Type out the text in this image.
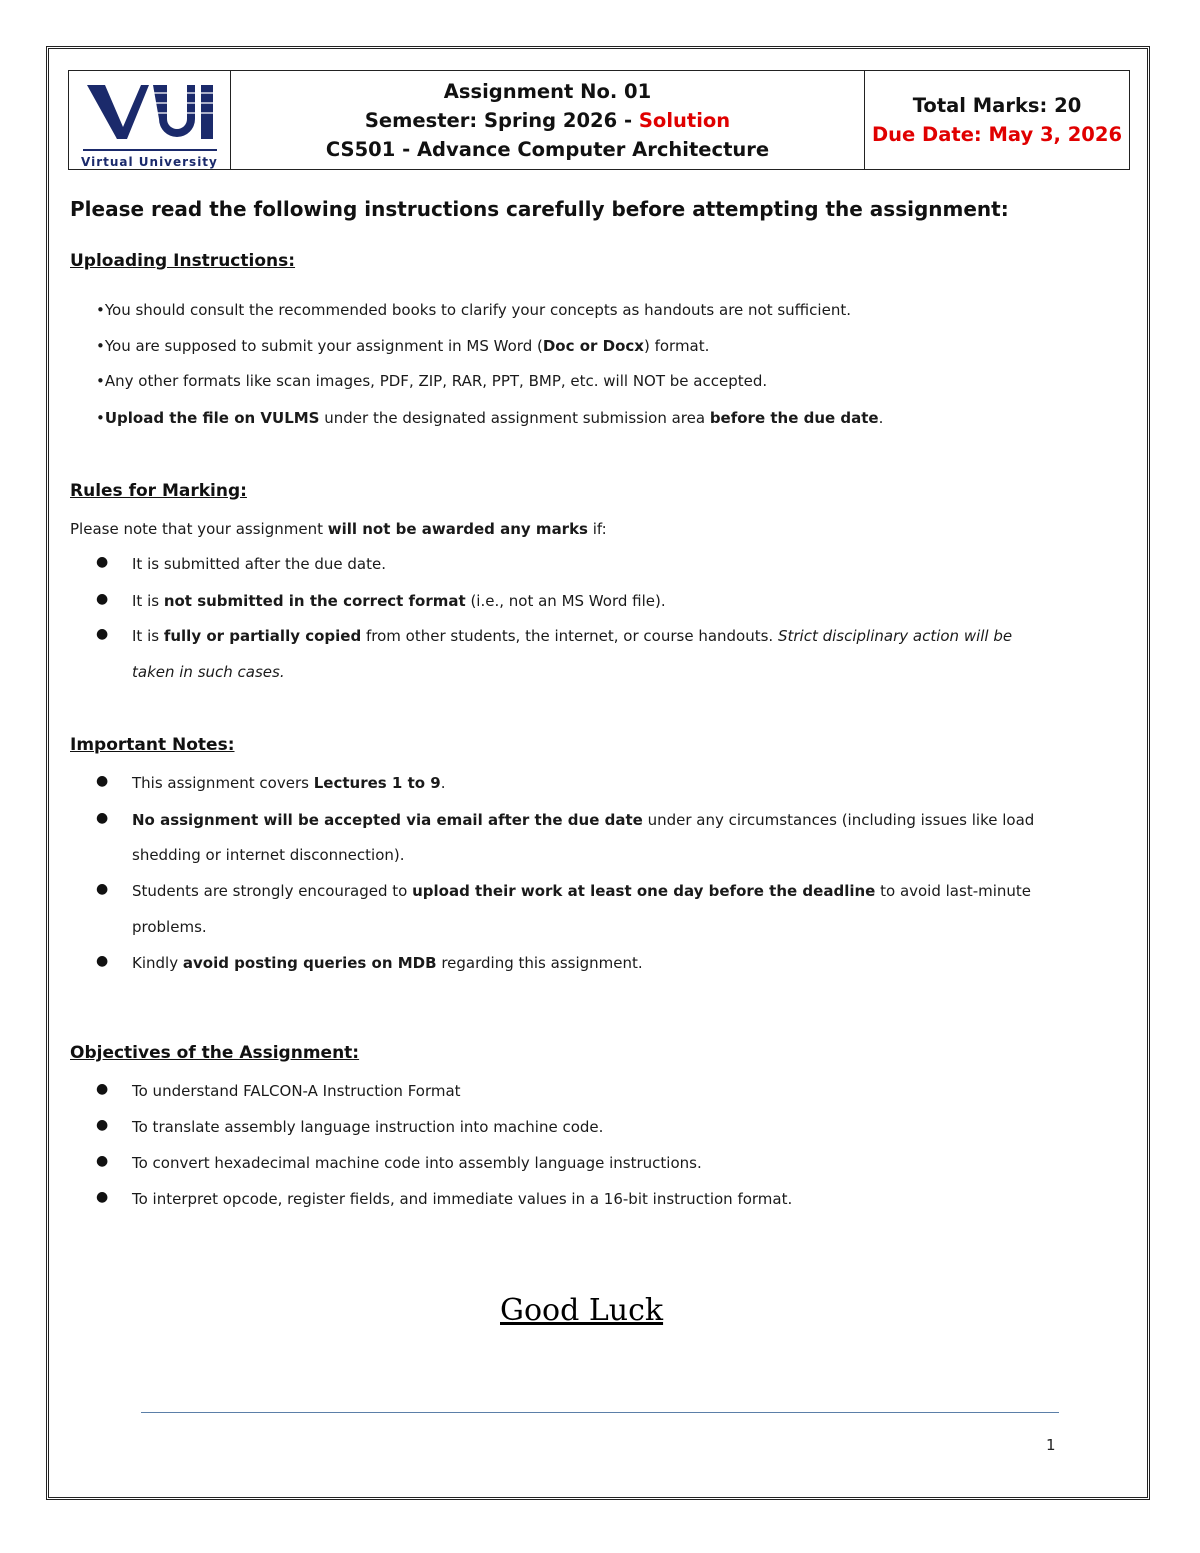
Virtual University
Assignment No. 01
Semester: Spring 2026 - Solution
CS501 - Advance Computer Architecture
Total Marks: 20
Due Date: May 3, 2026
Please read the following instructions carefully before attempting the assignment:
Uploading Instructions:
•You should consult the recommended books to clarify your concepts as handouts are not sufficient.
•You are supposed to submit your assignment in MS Word (Doc or Docx) format.
•Any other formats like scan images, PDF, ZIP, RAR, PPT, BMP, etc. will NOT be accepted.
•Upload the file on VULMS under the designated assignment submission area before the due date.
Rules for Marking:
Please note that your assignment will not be awarded any marks if:
● It is submitted after the due date.
● It is not submitted in the correct format (i.e., not an MS Word file).
● It is fully or partially copied from other students, the internet, or course handouts. Strict disciplinary action will be
taken in such cases.
Important Notes:
● This assignment covers Lectures 1 to 9.
● No assignment will be accepted via email after the due date under any circumstances (including issues like load
shedding or internet disconnection).
● Students are strongly encouraged to upload their work at least one day before the deadline to avoid last-minute
problems.
● Kindly avoid posting queries on MDB regarding this assignment.
Objectives of the Assignment:
● To understand FALCON-A Instruction Format
● To translate assembly language instruction into machine code.
● To convert hexadecimal machine code into assembly language instructions.
● To interpret opcode, register fields, and immediate values in a 16-bit instruction format.
Good Luck
1
